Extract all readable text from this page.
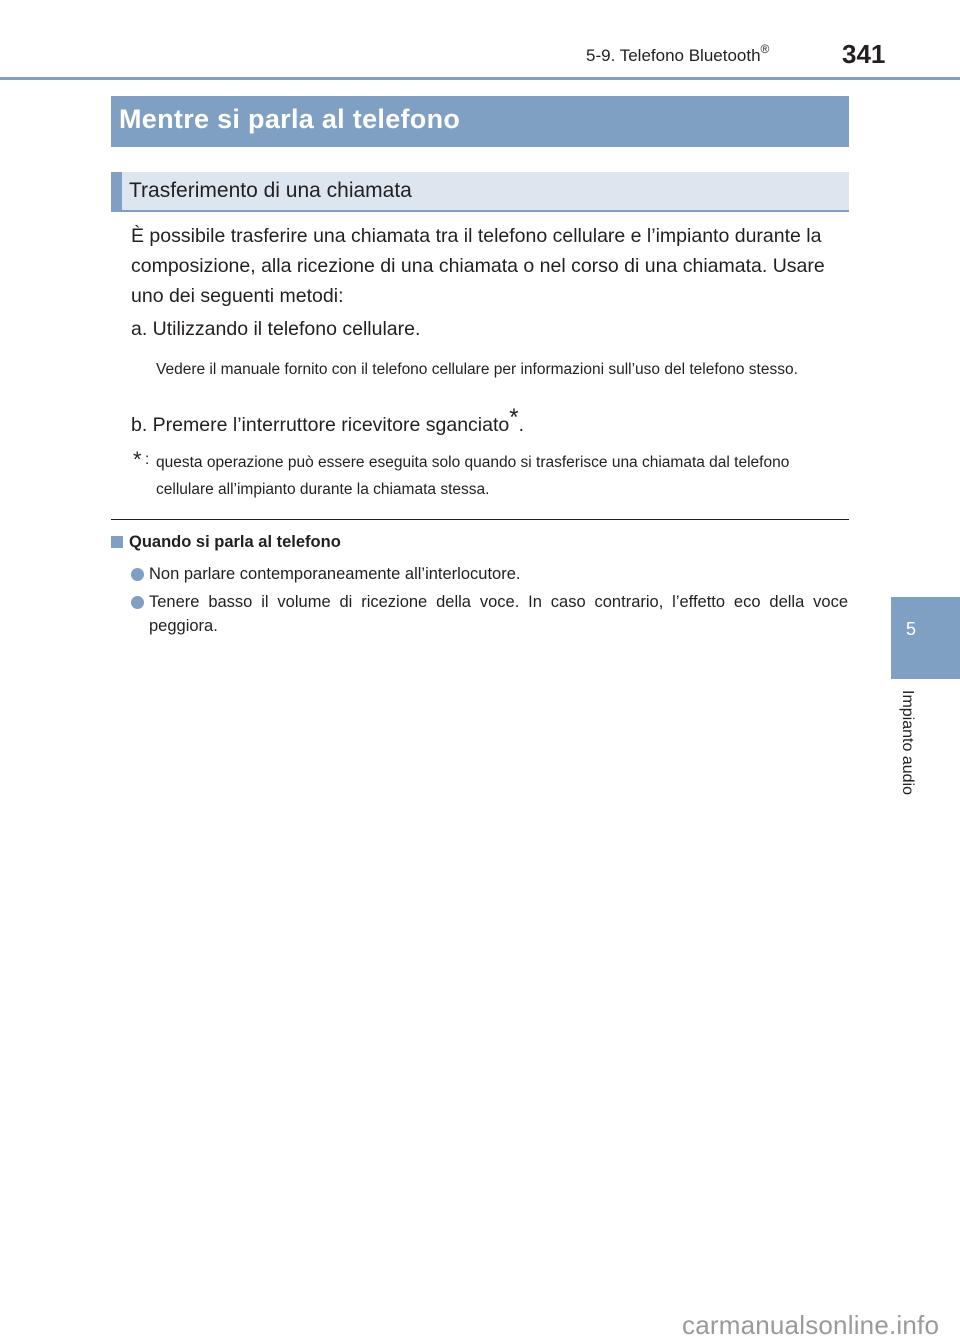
5-9. Telefono Bluetooth®	341
5
Impianto audio
Mentre si parla al telefono
Trasferimento di una chiamata
È possibile trasferire una chiamata tra il telefono cellulare e l’impianto durante la composizione, alla ricezione di una chiamata o nel corso di una chiamata. Usare uno dei seguenti metodi:
a. Utilizzando il telefono cellulare.
Vedere il manuale fornito con il telefono cellulare per informazioni sull’uso del telefono stesso.
b. Premere l’interruttore ricevitore sganciato*.
* : questa operazione può essere eseguita solo quando si trasferisce una chiamata dal telefono cellulare all’impianto durante la chiamata stessa.
Quando si parla al telefono
Non parlare contemporaneamente all’interlocutore.
Tenere basso il volume di ricezione della voce. In caso contrario, l’effetto eco della voce peggiora.
carmanualsonline.info
